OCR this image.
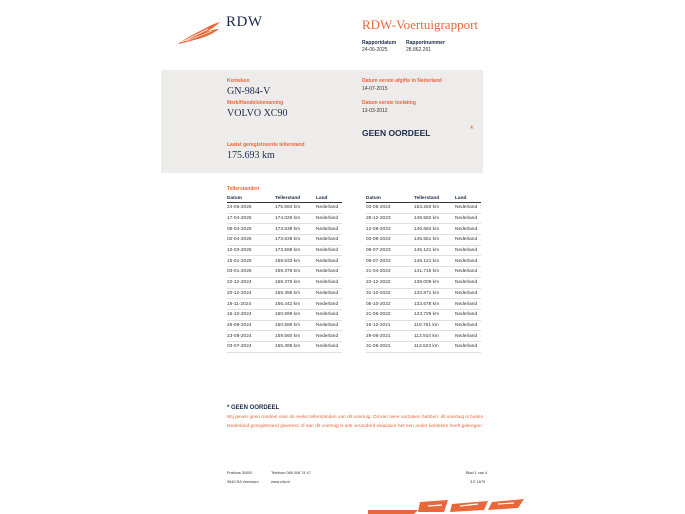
RDW	RDW-Voertuigrapport
Rapportdatum
24-06-2025
Rapportnummer
28.862.261
Kenteken
GN-984-V
Merk/Handelsbenaming
VOLVO XC90
Datum eerste afgifte in Nederland
14-07-2015
Datum eerste toelating
13-03-2012
GEEN OORDEEL	*
Laatst geregistreerde tellerstand
175.693 km
Tellerstanden
Datum	Tellerstand	Land
24-06-2025	175.693 km	Nederland
17-04-2025	174.026 km	Nederland
05-04-2025	173.639 km	Nederland
02-04-2025	173.639 km	Nederland
10-03-2025	173.598 km	Nederland
15-01-2025	169.633 km	Nederland
03-01-2025	169.376 km	Nederland
22-12-2024	169.375 km	Nederland
20-12-2024	169.356 km	Nederland
19-11-2024	166.442 km	Nederland
16-10-2024	160.599 km	Nederland
26-09-2024	160.599 km	Nederland
23-08-2024	159.560 km	Nederland
03-07-2024	155.395 km	Nederland
Datum	Tellerstand	Land
03-05-2024	153.283 km	Nederland
28-12-2023	149.582 km	Nederland
12-09-2023	146.684 km	Nederland
03-08-2023	145.551 km	Nederland
06-07-2023	145.121 km	Nederland
06-07-2023	145.121 km	Nederland
21-04-2023	141.716 km	Nederland
22-12-2022	139.009 km	Nederland
31-10-2022	133.871 km	Nederland
05-10-2022	133.678 km	Nederland
21-06-2022	123.729 km	Nederland
16-12-2021	119.761 km	Nederland
29-06-2021	113.910 km	Nederland
31-05-2021	113.523 km	Nederland
* GEEN OORDEEL
Wij geven geen oordeel over de reeks tellerstanden van dit voertuig. Dit kan twee oorzaken hebben: dit voertuig is buiten Nederland geregistreerd geweest, of aan dit voertuig is iets veranderd waardoor het een ander kenteken heeft gekregen.
Postbus 30000
9640 RA Veendam
Telefoon 088 008 74 47
www.rdw.nl
Blad 1 van 4
3 E 1679
